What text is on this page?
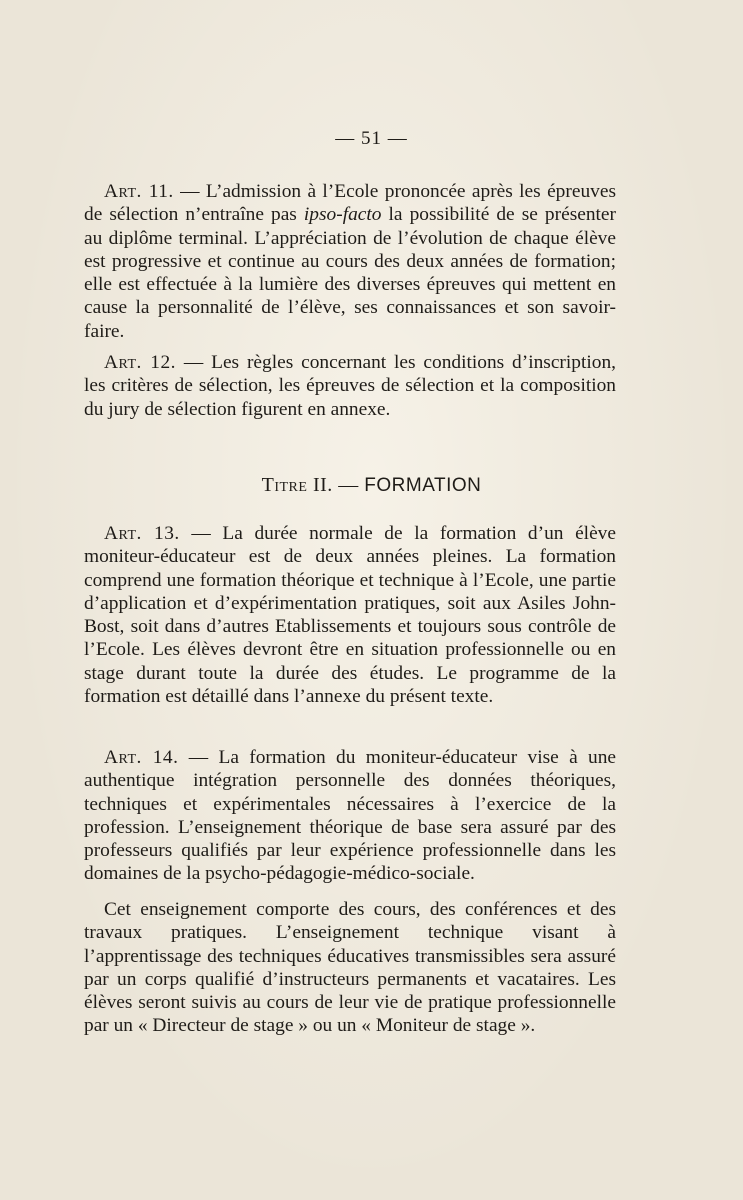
— 51 —

Art. 11. — L’admission à l’Ecole prononcée après les épreuves de sélection n’entraîne pas ipso-facto la possibilité de se présenter au diplôme terminal. L’appréciation de l’évolution de chaque élève est progressive et continue au cours des deux années de formation; elle est effectuée à la lumière des diverses épreuves qui mettent en cause la personnalité de l’élève, ses connaissances et son savoir-faire.

Art. 12. — Les règles concernant les conditions d’inscription, les critères de sélection, les épreuves de sélection et la composition du jury de sélection figurent en annexe.

Titre II. — FORMATION

Art. 13. — La durée normale de la formation d’un élève moniteur-éducateur est de deux années pleines. La formation comprend une formation théorique et technique à l’Ecole, une partie d’application et d’expérimentation pratiques, soit aux Asiles John-Bost, soit dans d’autres Etablissements et toujours sous contrôle de l’Ecole. Les élèves devront être en situation professionnelle ou en stage durant toute la durée des études. Le programme de la formation est détaillé dans l’annexe du présent texte.

Art. 14. — La formation du moniteur-éducateur vise à une authentique intégration personnelle des données théoriques, techniques et expérimentales nécessaires à l’exercice de la profession. L’enseignement théorique de base sera assuré par des professeurs qualifiés par leur expérience professionnelle dans les domaines de la psycho-pédagogie-médico-sociale.

Cet enseignement comporte des cours, des conférences et des travaux pratiques. L’enseignement technique visant à l’apprentissage des techniques éducatives transmissibles sera assuré par un corps qualifié d’instructeurs permanents et vacataires. Les élèves seront suivis au cours de leur vie de pratique professionnelle par un « Directeur de stage » ou un « Moniteur de stage ».
